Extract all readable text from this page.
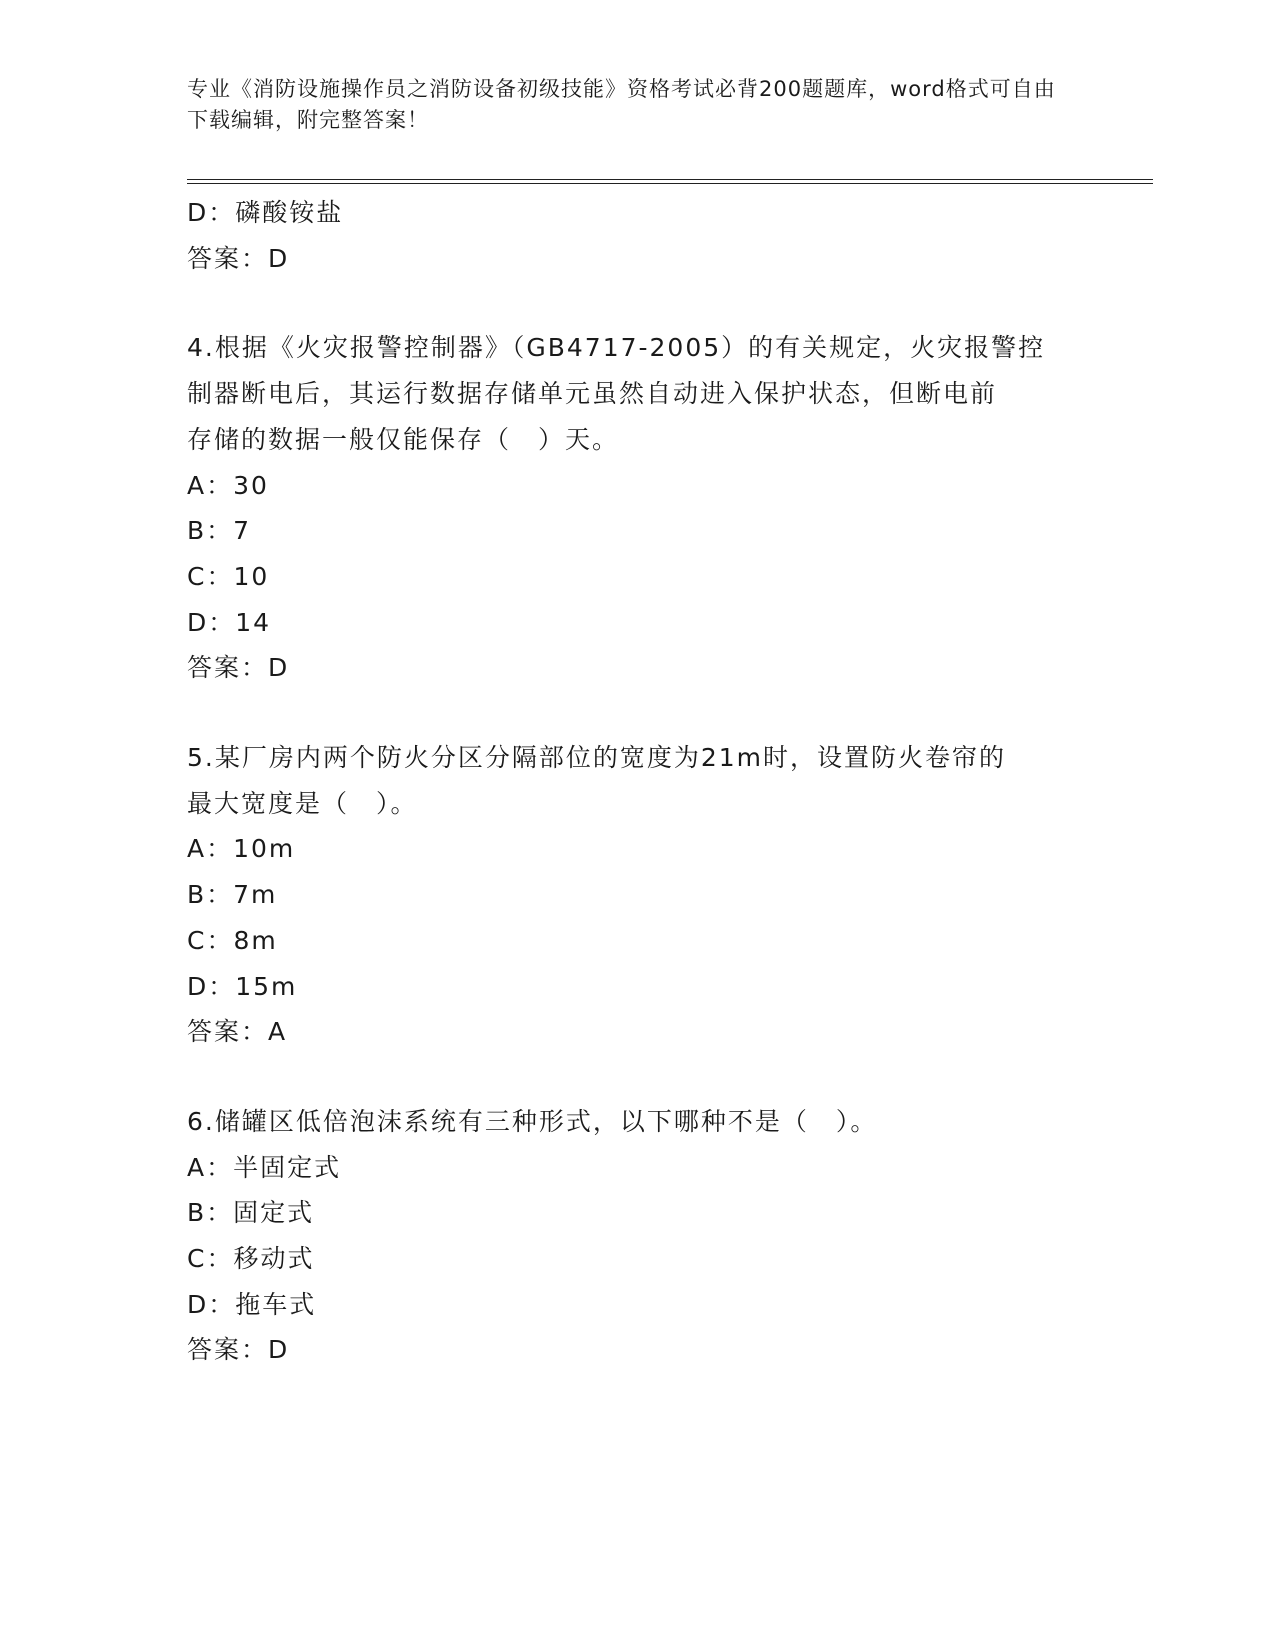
专业《消防设施操作员之消防设备初级技能》资格考试必背200题题库，word格式可自由下载编辑，附完整答案！
D：磷酸铵盐
答案：D
4.根据《火灾报警控制器》（GB4717-2005）的有关规定，火灾报警控
制器断电后，其运行数据存储单元虽然自动进入保护状态，但断电前
存储的数据一般仅能保存（　）天。
A：30
B：7
C：10
D：14
答案：D
5.某厂房内两个防火分区分隔部位的宽度为21m时，设置防火卷帘的
最大宽度是（　）。
A：10m
B：7m
C：8m
D：15m
答案：A
6.储罐区低倍泡沫系统有三种形式，以下哪种不是（　）。
A：半固定式
B：固定式
C：移动式
D：拖车式
答案：D
